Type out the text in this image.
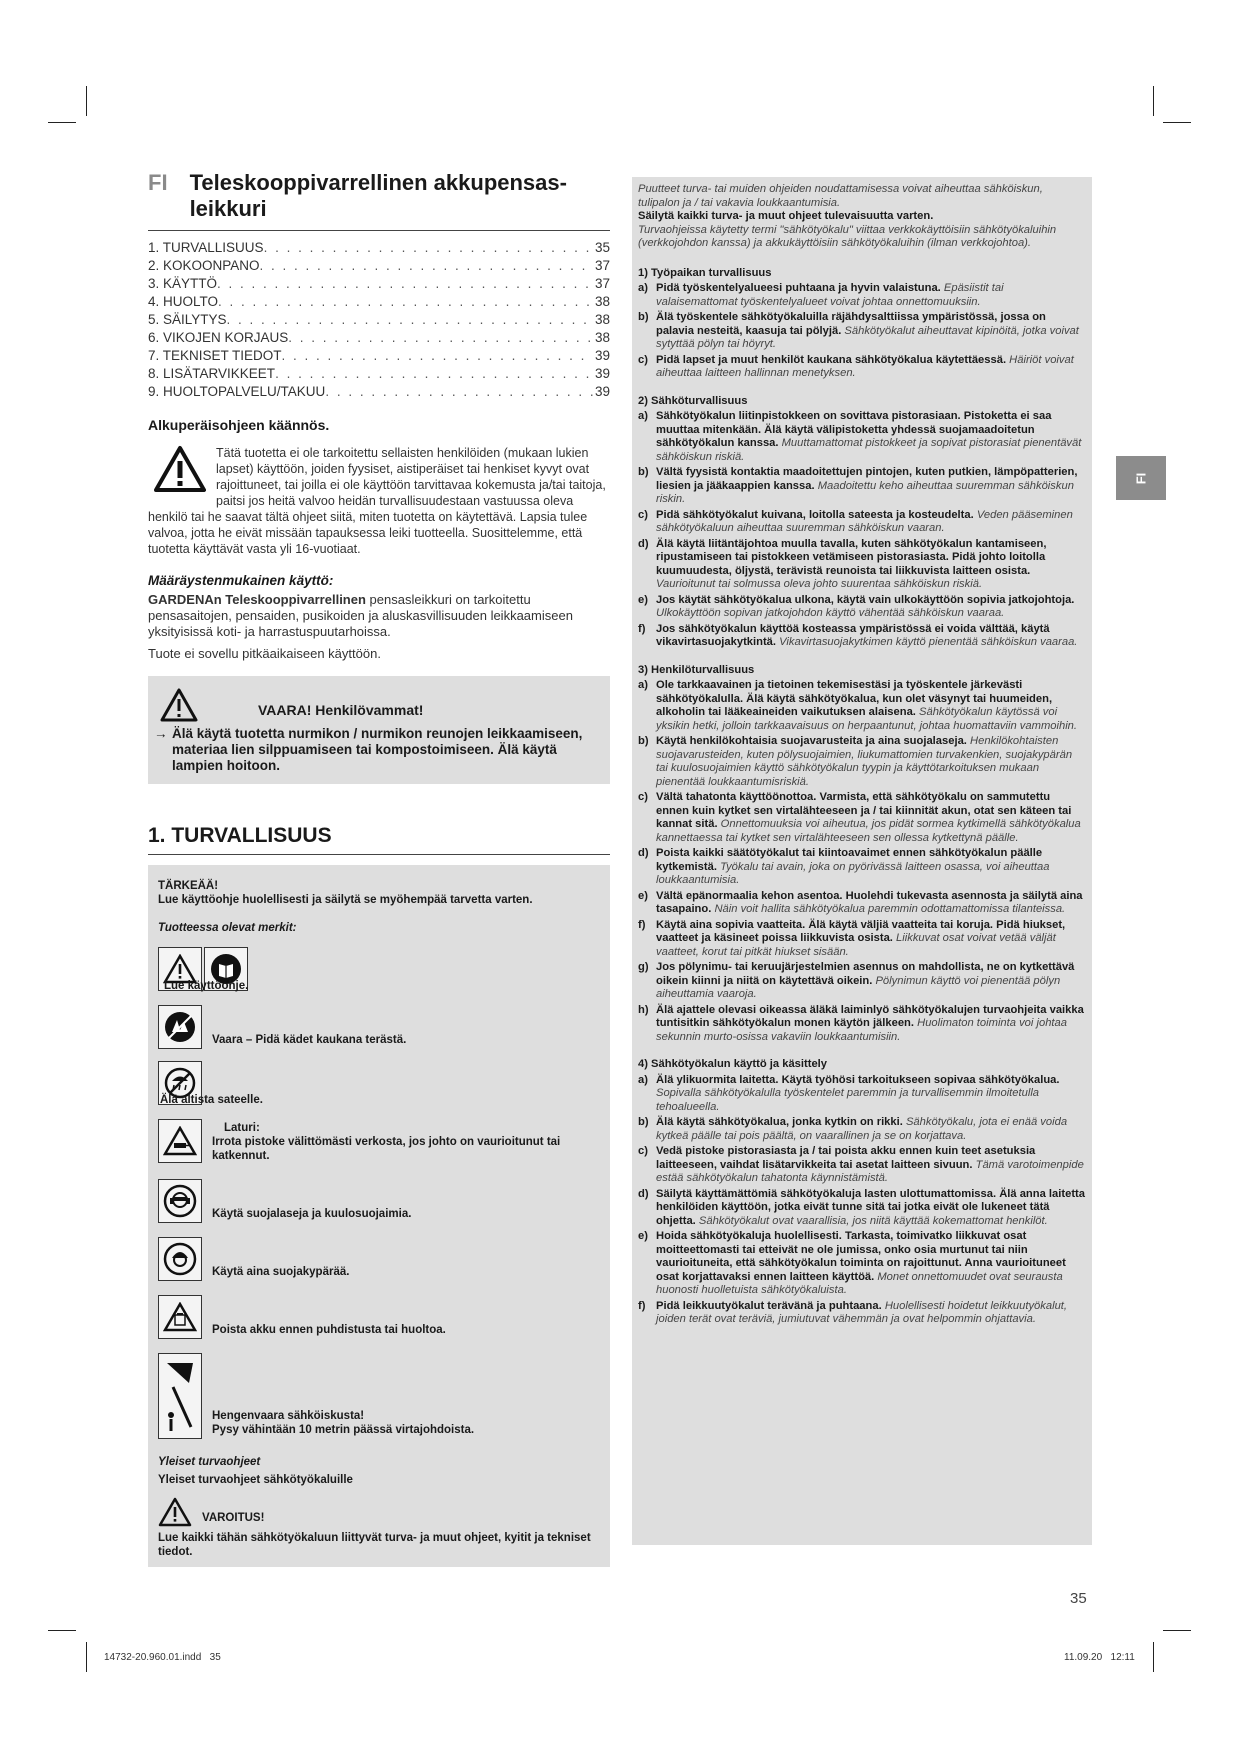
FI Teleskooppivarrellinen akkupensas-
leikkuri
1. TURVALLISUUS . . .	35
2. KOKOONPANO . . .	37
3. KÄYTTÖ . . .	37
4. HUOLTO . . .	38
5. SÄILYTYS . . .	38
6. VIKOJEN KORJAUS . . .	38
7. TEKNISET TIEDOT . . .	39
8. LISÄTARVIKKEET . . .	39
9. HUOLTOPALVELU/TAKUU . . .	39
Alkuperäisohjeen käännös.
Tätä tuotetta ei ole tarkoitettu sellaisten henkilöiden (mukaan lukien lapset) käyttöön, joiden fyysiset, aistiperäiset tai henkiset kyvyt ovat rajoittuneet, tai joilla ei ole käyttöön tarvittavaa kokemusta ja/tai taitoja, paitsi jos heitä valvoo heidän turvallisuudestaan vastuussa oleva henkilö tai he saavat tältä ohjeet siitä, miten tuotetta on käytettävä. Lapsia tulee valvoa, jotta he eivät missään tapauksessa leiki tuotteella. Suosittelemme, että tuotetta käyttävät vasta yli 16-vuotiaat.
Määräystenmukainen käyttö:

GARDENAn Teleskooppivarrellinen pensasleikkuri on tarkoitettu pensasaitojen, pensaiden, pusikoiden ja aluskasvillisuuden leikkaamiseen yksityisissä koti- ja harrastuspuutarhoissa.

Tuote ei sovellu pitkäaikaiseen käyttöön.

VAARA! Henkilövammat!
→ Älä käytä tuotetta nurmikon / nurmikon reunojen leikkaamiseen, materiaa lien silppuamiseen tai kompostoimiseen. Älä käytä lampien hoitoon.
1. TURVALLISUUS
TÄRKEÄÄ!
Lue käyttöohje huolellisesti ja säilytä se myöhempää tarvetta varten.
Tuotteessa olevat merkit:
Lue käyttöohje.
Vaara – Pidä kädet kaukana terästä.
Älä altista sateelle.
Laturi:
Irrota pistoke välittömästi verkosta, jos johto on vaurioitunut tai katkennut.
Käytä suojalaseja ja kuulosuojaimia.
Käytä aina suojakypärää.
Poista akku ennen puhdistusta tai huoltoa.
Hengenvaara sähköiskusta!
Pysy vähintään 10 metrin päässä virtajohdoista.
Yleiset turvaohjeet
Yleiset turvaohjeet sähkötyökaluille
VAROITUS!
Lue kaikki tähän sähkötyökaluun liittyvät turva- ja muut ohjeet, kyitit ja tekniset tiedot.
Puutteet turva- tai muiden ohjeiden noudattamisessa voivat aiheuttaa sähköiskun, tulipalon ja / tai vakavia loukkaantumisia.
Säilytä kaikki turva- ja muut ohjeet tulevaisuutta varten.
Turvaohjeissa käytetty termi "sähkötyökalu" viittaa verkkokäyttöisiin sähkötyökaluihin (verkkojohdon kanssa) ja akkukäyttöisiin sähkötyökaluihin (ilman verkkojohtoa).
1) Työpaikan turvallisuus
a) Pidä työskentelyalueesi puhtaana ja hyvin valaistuna. Epäsiistit tai valaisemattomat työskentelyalueet voivat johtaa onnettomuuksiin.
b) Älä työskentele sähkötyökaluilla räjähdysalttiissa ympäristössä, jossa on palavia nesteitä, kaasuja tai pölyjä. Sähkötyökalut aiheuttavat kipinöitä, jotka voivat sytyttää pölyn tai höyryt.
c) Pidä lapset ja muut henkilöt kaukana sähkötyökalua käytettäessä. Häiriöt voivat aiheuttaa laitteen hallinnan menetyksen.
2) Sähköturvallisuus
a) Sähkötyökalun liitinpistokkeen on sovittava pistorasiaan. Pistoketta ei saa muuttaa mitenkään. Älä käytä välipistoketta yhdessä suojamaadoitetun sähkötyökalun kanssa. Muuttamattomat pistokkeet ja sopivat pistorasiat pienentävät sähköiskun riskiä.
b) Vältä fyysistä kontaktia maadoitettujen pintojen, kuten putkien, lämpöpatterien, liesien ja jääkaappien kanssa. Maadoitettu keho aiheuttaa suuremman sähköiskun riskin.
c) Pidä sähkötyökalut kuivana, loitolla sateesta ja kosteudelta. Veden pääseminen sähkötyökaluun aiheuttaa suuremman sähköiskun vaaran.
d) Älä käytä liitäntäjohtoa muulla tavalla, kuten sähkötyökalun kantamiseen, ripustamiseen tai pistokkeen vetämiseen pistorasiasta. Pidä johto loitolla kuumuudesta, öljystä, terävistä reunoista tai liikkuvista laitteen osista. Vaurioitunut tai solmussa oleva johto suurentaa sähköiskun riskiä.
e) Jos käytät sähkötyökalua ulkona, käytä vain ulkokäyttöön sopivia jatkojohtoja. Ulkokäyttöön sopivan jatkojohdon käyttö vähentää sähköiskun vaaraa.
f) Jos sähkötyökalun käyttöä kosteassa ympäristössä ei voida välttää, käytä vikavirtasuojakytkintä. Vikavirtasuojakytkimen käyttö pienentää sähköiskun vaaraa.
3) Henkilöturvallisuus
a) Ole tarkkaavainen ja tietoinen tekemisestäsi ja työskentele järkevästi sähkötyökalulla. Älä käytä sähkötyökalua, kun olet väsynyt tai huumeiden, alkoholin tai lääkeaineiden vaikutuksen alaisena. Sähkötyökalun käytössä voi yksikin hetki, jolloin tarkkaavaisuus on herpaantunut, johtaa huomattaviin vammoihin.
b) Käytä henkilökohtaisia suojavarusteita ja aina suojalaseja. Henkilökohtaisten suojavarusteiden, kuten pölysuojaimien, liukumattomien turvakenkien, suojakypärän tai kuulosuojaimien käyttö sähkötyökalun tyypin ja käyttötarkoituksen mukaan pienentää loukkaantumisriskiä.
c) Vältä tahatonta käyttöönottoa. Varmista, että sähkötyökalu on sammutettu ennen kuin kytket sen virtalähteeseen ja / tai kiinnität akun, otat sen käteen tai kannat sitä. Onnettomuuksia voi aiheutua, jos pidät sormea kytkimellä sähkötyökalua kannettaessa tai kytket sen virtalähteeseen sen ollessa kytkettynä päälle.
d) Poista kaikki säätötyökalut tai kiintoavaimet ennen sähkötyökalun päälle kytkemistä. Työkalu tai avain, joka on pyörivässä laitteen osassa, voi aiheuttaa loukkaantumisia.
e) Vältä epänormaalia kehon asentoa. Huolehdi tukevasta asennosta ja säilytä aina tasapaino. Näin voit hallita sähkötyökalua paremmin odottamattomissa tilanteissa.
f) Käytä aina sopivia vaatteita. Älä käytä väljiä vaatteita tai koruja. Pidä hiukset, vaatteet ja käsineet poissa liikkuvista osista. Liikkuvat osat voivat vetää väljät vaatteet, korut tai pitkät hiukset sisään.
g) Jos pölynimu- tai keruujärjestelmien asennus on mahdollista, ne on kytkettävä oikein kiinni ja niitä on käytettävä oikein. Pölynimun käyttö voi pienentää pölyn aiheuttamia vaaroja.
h) Älä ajattele olevasi oikeassa äläkä laiminlyö sähkötyökalujen turvaohjeita vaikka tuntisitkin sähkötyökalun monen käytön jälkeen. Huolimaton toiminta voi johtaa sekunnin murto-osissa vakaviin loukkaantumisiin.
4) Sähkötyökalun käyttö ja käsittely
a) Älä ylikuormita laitetta. Käytä työhösi tarkoitukseen sopivaa sähkötyökalua. Sopivalla sähkötyökalulla työskentelet paremmin ja turvallisemmin ilmoitetulla tehoalueella.
b) Älä käytä sähkötyökalua, jonka kytkin on rikki. Sähkötyökalu, jota ei enää voida kytkeä päälle tai pois päältä, on vaarallinen ja se on korjattava.
c) Vedä pistoke pistorasiasta ja / tai poista akku ennen kuin teet asetuksia laitteeseen, vaihdat lisätarvikkeita tai asetat laitteen sivuun. Tämä varotoimenpide estää sähkötyökalun tahatonta käynnistämistä.
d) Säilytä käyttämättömiä sähkötyökaluja lasten ulottumattomissa. Älä anna laitetta henkilöiden käyttöön, jotka eivät tunne sitä tai jotka eivät ole lukeneet tätä ohjetta. Sähkötyökalut ovat vaarallisia, jos niitä käyttää kokemattomat henkilöt.
e) Hoida sähkötyökaluja huolellisesti. Tarkasta, toimivatko liikkuvat osat moitteettomasti tai etteivät ne ole jumissa, onko osia murtunut tai niin vaurioituneita, että sähkötyökalun toiminta on rajoittunut. Anna vaurioituneet osat korjattavaksi ennen laitteen käyttöä. Monet onnettomuudet ovat seurausta huonosti huolletuista sähkötyökaluista.
f) Pidä leikkuutyökalut terävänä ja puhtaana. Huolellisesti hoidetut leikkuutyökalut, joiden terät ovat teräviä, jumiutuvat vähemmän ja ovat helpommin ohjattavia.
FI
35
14732-20.960.01.indd   35	11.09.20   12:11
